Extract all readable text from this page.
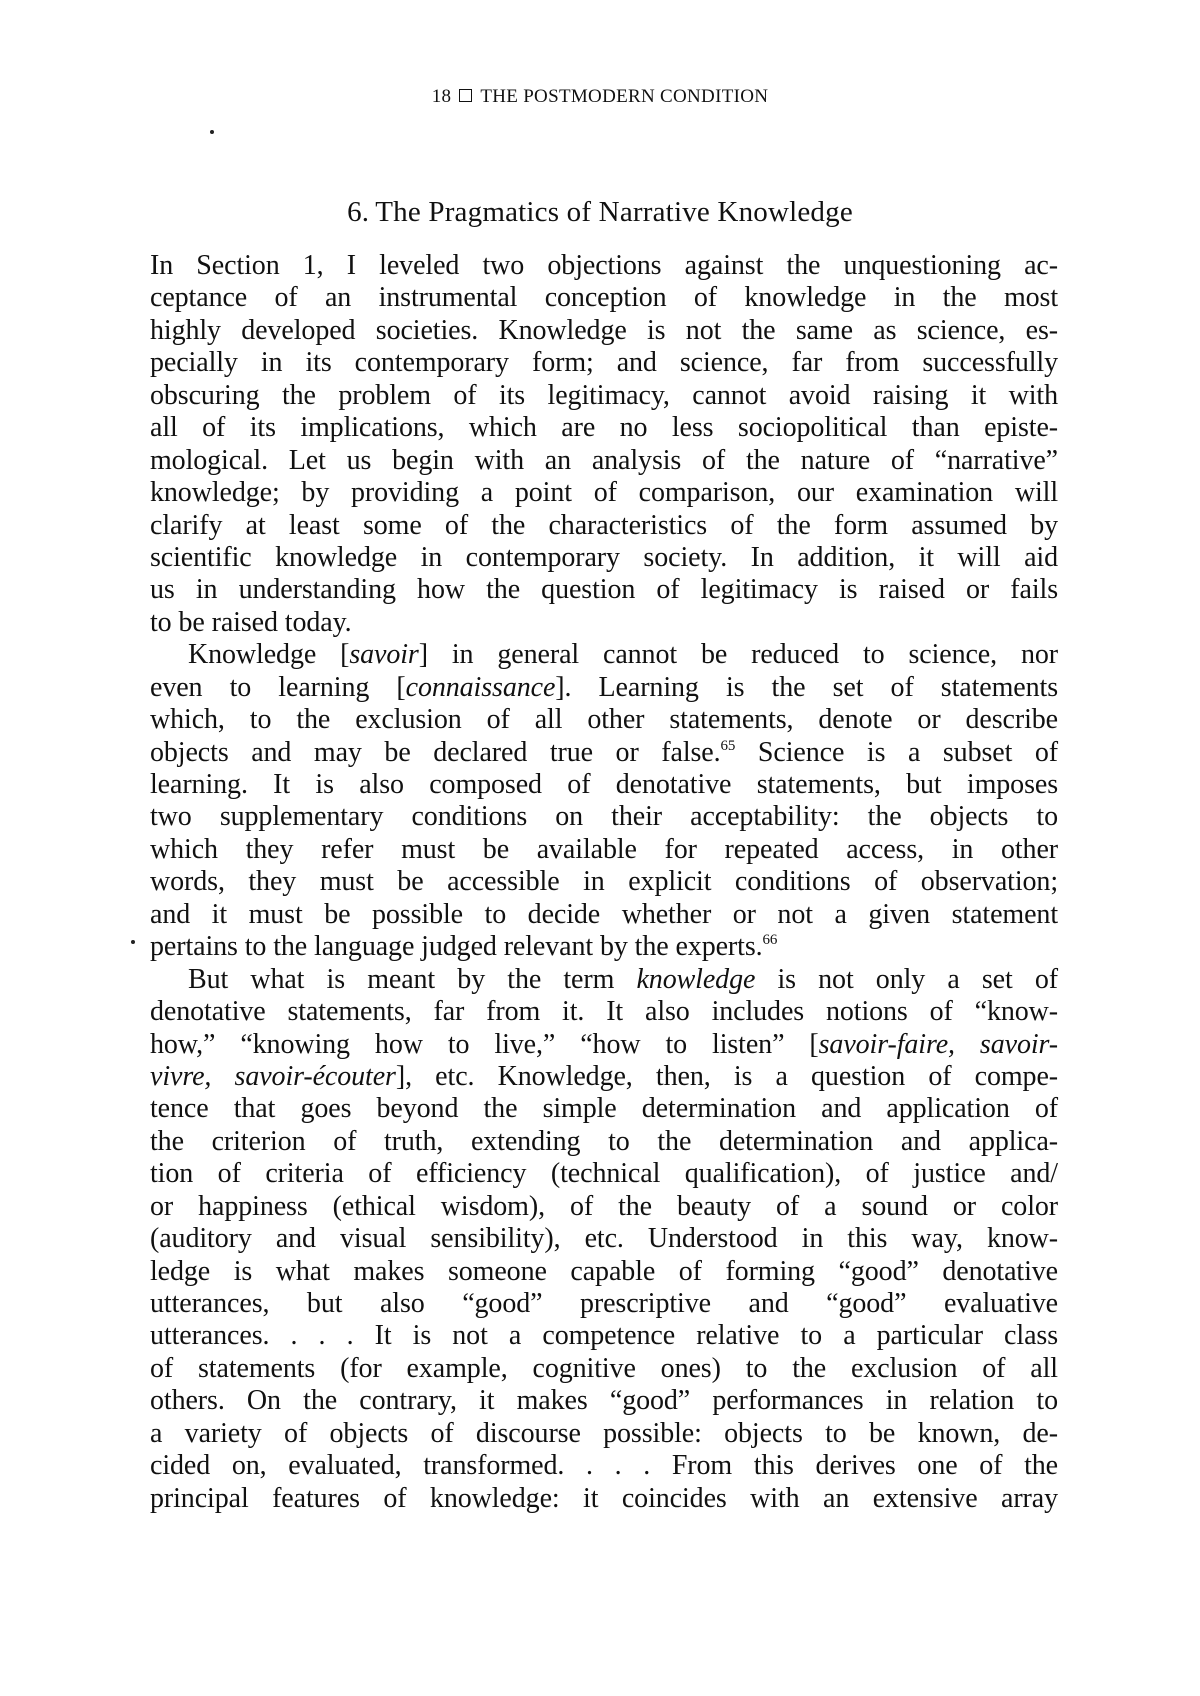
18 THE POSTMODERN CONDITION
6. The Pragmatics of Narrative Knowledge
In Section 1, I leveled two objections against the unquestioning ac-
ceptance of an instrumental conception of knowledge in the most
highly developed societies. Knowledge is not the same as science, es-
pecially in its contemporary form; and science, far from successfully
obscuring the problem of its legitimacy, cannot avoid raising it with
all of its implications, which are no less sociopolitical than episte-
mological. Let us begin with an analysis of the nature of “narrative”
knowledge; by providing a point of comparison, our examination will
clarify at least some of the characteristics of the form assumed by
scientific knowledge in contemporary society. In addition, it will aid
us in understanding how the question of legitimacy is raised or fails
to be raised today.
Knowledge [savoir] in general cannot be reduced to science, nor
even to learning [connaissance]. Learning is the set of statements
which, to the exclusion of all other statements, denote or describe
objects and may be declared true or false.$^{65}$ Science is a subset of
learning. It is also composed of denotative statements, but imposes
two supplementary conditions on their acceptability: the objects to
which they refer must be available for repeated access, in other
words, they must be accessible in explicit conditions of observation;
and it must be possible to decide whether or not a given statement
pertains to the language judged relevant by the experts.$^{66}$
But what is meant by the term knowledge is not only a set of
denotative statements, far from it. It also includes notions of “know-
how,” “knowing how to live,” “how to listen” [savoir-faire, savoir-
vivre, savoir-écouter], etc. Knowledge, then, is a question of compe-
tence that goes beyond the simple determination and application of
the criterion of truth, extending to the determination and applica-
tion of criteria of efficiency (technical qualification), of justice and/
or happiness (ethical wisdom), of the beauty of a sound or color
(auditory and visual sensibility), etc. Understood in this way, know-
ledge is what makes someone capable of forming “good” denotative
utterances, but also “good” prescriptive and “good” evaluative
utterances. . . . It is not a competence relative to a particular class
of statements (for example, cognitive ones) to the exclusion of all
others. On the contrary, it makes “good” performances in relation to
a variety of objects of discourse possible: objects to be known, de-
cided on, evaluated, transformed. . . . From this derives one of the
principal features of knowledge: it coincides with an extensive array
